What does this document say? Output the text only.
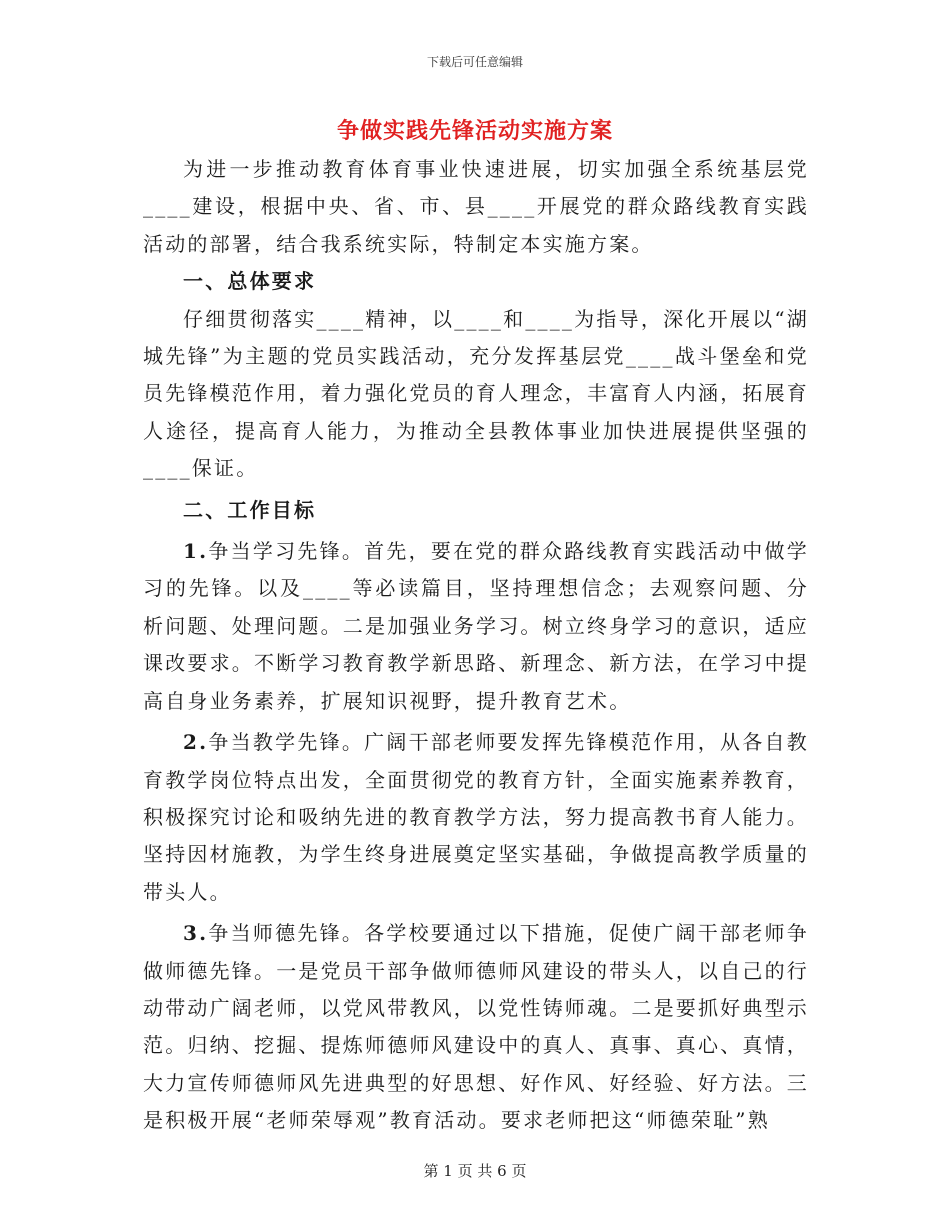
下载后可任意编辑
争做实践先锋活动实施方案

为进一步推动教育体育事业快速进展，切实加强全系统基层党____建设，根据中央、省、市、县____开展党的群众路线教育实践活动的部署，结合我系统实际，特制定本实施方案。

一、总体要求

仔细贯彻落实____精神，以____和____为指导，深化开展以“湖城先锋”为主题的党员实践活动，充分发挥基层党____战斗堡垒和党员先锋模范作用，着力强化党员的育人理念，丰富育人内涵，拓展育人途径，提高育人能力，为推动全县教体事业加快进展提供坚强的____保证。

二、工作目标

1.争当学习先锋。首先，要在党的群众路线教育实践活动中做学习的先锋。以及____等必读篇目，坚持理想信念；去观察问题、分析问题、处理问题。二是加强业务学习。树立终身学习的意识，适应课改要求。不断学习教育教学新思路、新理念、新方法，在学习中提高自身业务素养，扩展知识视野，提升教育艺术。

2.争当教学先锋。广阔干部老师要发挥先锋模范作用，从各自教育教学岗位特点出发，全面贯彻党的教育方针，全面实施素养教育，积极探究讨论和吸纳先进的教育教学方法，努力提高教书育人能力。坚持因材施教，为学生终身进展奠定坚实基础，争做提高教学质量的带头人。

3.争当师德先锋。各学校要通过以下措施，促使广阔干部老师争做师德先锋。一是党员干部争做师德师风建设的带头人，以自己的行动带动广阔老师，以党风带教风，以党性铸师魂。二是要抓好典型示范。归纳、挖掘、提炼师德师风建设中的真人、真事、真心、真情，大力宣传师德师风先进典型的好思想、好作风、好经验、好方法。三是积极开展“老师荣辱观”教育活动。要求老师把这“师德荣耻”熟

第 1 页 共 6 页
